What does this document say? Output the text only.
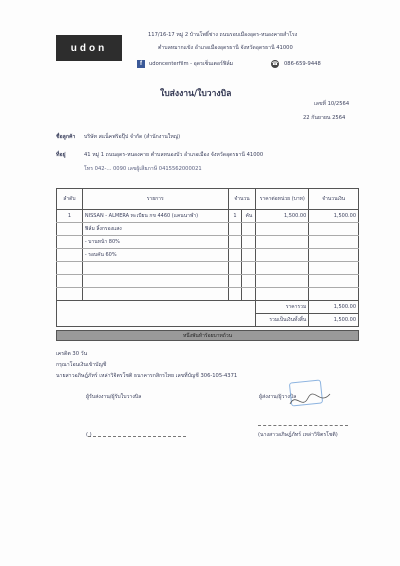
udon
117/16-17 หมู่ 2 บ้านโพธิ์ช่าง ถนนรอบเมืองอุดร-หนองคายสำโรง
ตำบลหมากแข้ง อำเภอเมืองอุดรธานี จังหวัดอุดรธานี 41000
f	udoncenterfilm - อุดรเซ็นเตอร์ฟิล์ม	☎ 086-659-9448
ใบส่งงาน/ใบวางบิล
เลขที่ 10/2564
22 กันยายน 2564
ชื่อลูกค้า บริษัท สแน็คฟร้อปุ๊ป จำกัด (สำนักงานใหญ่)
ที่อยู่	41 หมู่ 1 ถนนอุดร-หนองคาย ตำบลหนองบัว อำเภอเมือง จังหวัดอุดรธานี 41000
โทร 042-... 0090 เลขผู้เสียภาษี 0415562000021
ลำดับ	รายการ	จำนวน		ราคาต่อหน่วย (บาท)	จำนวนเงิน
1	NISSAN - ALMERA ทะเบียน กข 4460 (แคนนาฬ่า)	1	คัน	1,500.00	1,500.00
	ฟิล์ม ลิ้งกรองแสง				
	- บานหน้า 80%				
	- รอบคัน 60%				

				ราคารวม	1,500.00
				รวมเป็นเงินทั้งสิ้น	1,500.00
หนึ่งพันห้าร้อยบาทถ้วน
เครดิต 30 วัน
กรุณาโอนเงินเข้าบัญชี
นายสาวอภิษฎ์ภัทร์ เหล่าวิจิตรโชติ ธนาคารกสิกรไทย เลขที่บัญชี 306-105-4371
ผู้รับส่งงาน/ผู้รับใบวางบิล	ผู้ส่งงาน/ผู้วางบิล
( )	(นางสาวอภิษฎ์ภัทร์ เหล่าวิจิตรโชติ)
